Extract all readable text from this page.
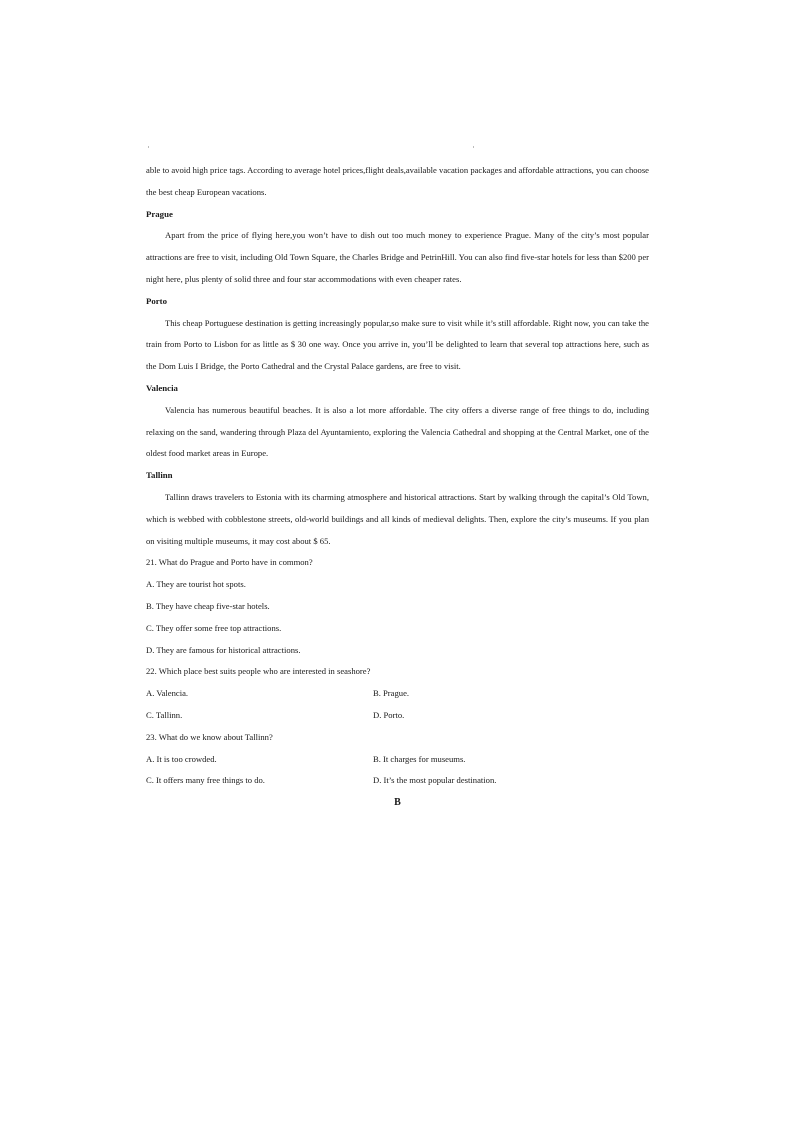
able to avoid high price tags. According to average hotel prices,flight deals,available vacation packages and affordable attractions, you can choose the best cheap European vacations.

Prague

Apart from the price of flying here,you won’t have to dish out too much money to experience Prague. Many of the city’s most popular attractions are free to visit, including Old Town Square, the Charles Bridge and PetrinHill. You can also find five-star hotels for less than $200 per night here, plus plenty of solid three and four star accommodations with even cheaper rates.

Porto

This cheap Portuguese destination is getting increasingly popular,so make sure to visit while it’s still affordable. Right now, you can take the train from Porto to Lisbon for as little as $ 30 one way. Once you arrive in, you’ll be delighted to learn that several top attractions here, such as the Dom Luis I Bridge, the Porto Cathedral and the Crystal Palace gardens, are free to visit.

Valencia

Valencia has numerous beautiful beaches. It is also a lot more affordable. The city offers a diverse range of free things to do, including relaxing on the sand, wandering through Plaza del Ayuntamiento, exploring the Valencia Cathedral and shopping at the Central Market, one of the oldest food market areas in Europe.

Tallinn

Tallinn draws travelers to Estonia with its charming atmosphere and historical attractions. Start by walking through the capital’s Old Town, which is webbed with cobblestone streets, old-world buildings and all kinds of medieval delights. Then, explore the city’s museums. If you plan on visiting multiple museums, it may cost about $ 65.

21. What do Prague and Porto have in common?

A. They are tourist hot spots.

B. They have cheap five-star hotels.

C. They offer some free top attractions.

D. They are famous for historical attractions.

22. Which place best suits people who are interested in seashore?

A. Valencia.	B. Prague.
C. Tallinn.	D. Porto.

23. What do we know about Tallinn?

A. It is too crowded.	B. It charges for museums.
C. It offers many free things to do.	D. It’s the most popular destination.

B
